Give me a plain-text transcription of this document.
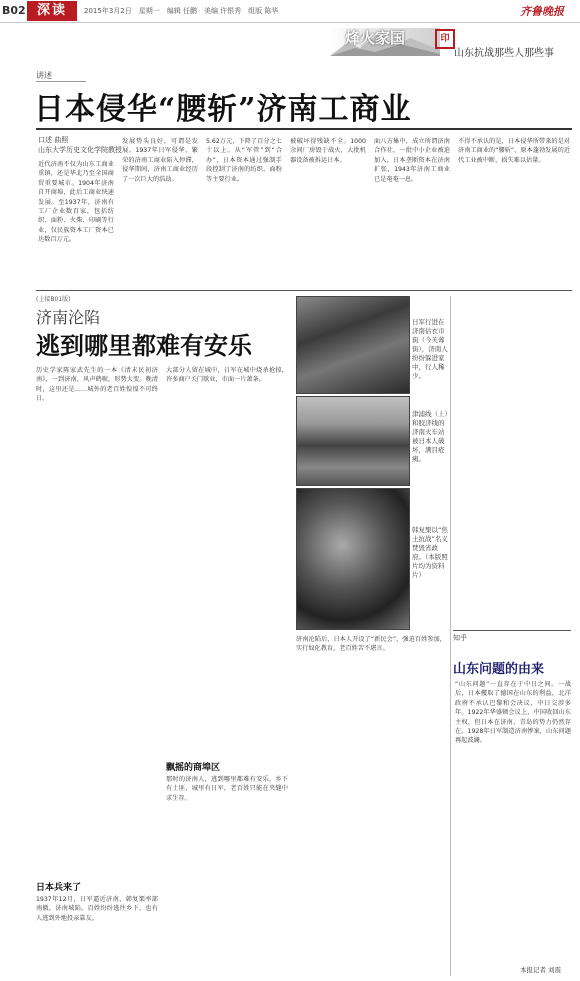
B02 深读	2015年3月2日　星期一　编辑 任鹏　美编 许银秀　组版 陈华	齐鲁晚报
烽火家国	印
山东抗战那些人那些事
讲述
日本侵华“腰斩”济南工商业
口述 曲照
山东大学历史文化学院教授
近代济南不仅为山东工商业重镇，还是华北乃至全国商贸重要城市。1904年济南自开商埠，此后工商业快速发展。至1937年，济南有工厂企业数百家，包括纺织、面粉、火柴、印刷等行业，仅民族资本工厂资本已达数百万元。
发展势头良好，可谓是发展。1937年日军侵华，繁荣的济南工商业陷入停滞，侵华期间，济南工商业经历了一次巨大的浩劫。
5.62万元，下降了百分之七十以上。从“军管”到“合办”，日本资本通过强制手段控制了济南的纺织、面粉等主要行业。
被破坏得残缺不全。1000余间厂房毁于战火，大批机器设备被拆运日本。
面八方集中，成立所谓济南合作社，一批中小企业被迫加入，日本垄断资本在济南扩张，1943年济南工商业已是奄奄一息。
不得不承认的是，日本侵华所带来的是对济南工商业的“腰斩”，原本蓬勃发展的近代工业被中断，损失难以估量。
(上接B01版)
济南沦陷
逃到哪里都难有安乐
历史学家陈家武先生的一本《清末民初济南》，一到济南，风声鹤唳，形势大变。晚清时，这里还是……城外的老百姓惶惶不可终日。
日本兵来了
1937年12月，日军逼近济南，韩复榘率部南撤，济南城陷。百姓纷纷逃往乡下，也有人逃到外地投亲靠友。
大部分人留在城中，日军在城中烧杀抢掠，许多商户关门歇业，市面一片萧条。
飘摇的商埠区
那时的济南人，逃到哪里都难有安乐，乡下有土匪，城里有日军，老百姓只能在夹缝中求生存。
济南沦陷后，日本人开设了“新民会”，强迫百姓参加，实行奴化教育，老百姓苦不堪言。
日军行进在济南估衣市街（今芙蓉街），济南人纷纷躲进家中，行人稀少。
津浦线（上）和胶济线的济南火车站被日本人破坏，满目疮痍。
韩复榘以“焦土抗战”名义焚毁省政府。（本版照片均为资料片）
知乎
山东问题的由来
“山东问题”一直存在于中日之间。一战后，日本攫取了德国在山东的利益，北洋政府不承认巴黎和会决议，中日交涉多年。1922年华盛顿会议上，中国收回山东主权，但日本在济南、青岛的势力仍然存在。1928年日军制造济南惨案，山东问题再起波澜。
本报记者 刘震
